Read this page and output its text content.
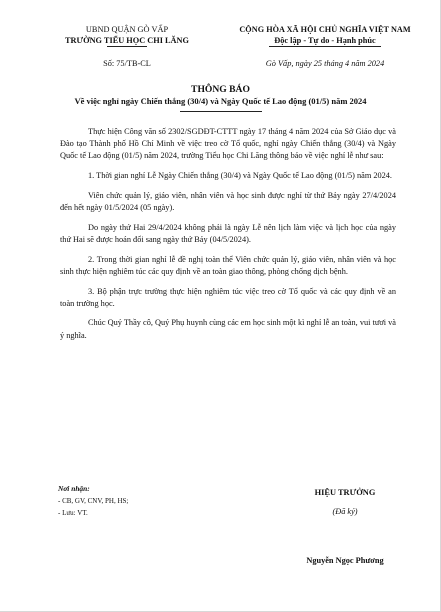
UBND QUẬN GÒ VẤP
TRƯỜNG TIỂU HỌC CHI LĂNG
Số: 75/TB-CL
CỘNG HÒA XÃ HỘI CHỦ NGHĨA VIỆT NAM
Độc lập - Tự do - Hạnh phúc
Gò Vấp, ngày 25 tháng 4 năm 2024
THÔNG BÁO
Về việc nghỉ ngày Chiến thắng (30/4) và Ngày Quốc tế Lao động (01/5) năm 2024

Thực hiện Công văn số 2302/SGDĐT-CTTT ngày 17 tháng 4 năm 2024 của Sở Giáo dục và Đào tạo Thành phố Hồ Chí Minh về việc treo cờ Tổ quốc, nghỉ ngày Chiến thắng (30/4) và Ngày Quốc tế Lao động (01/5) năm 2024, trường Tiểu học Chi Lăng thông báo về việc nghỉ lễ như sau:

1. Thời gian nghỉ Lễ Ngày Chiến thắng (30/4) và Ngày Quốc tế Lao động (01/5) năm 2024.

Viên chức quản lý, giáo viên, nhân viên và học sinh được nghỉ từ thứ Bảy ngày 27/4/2024 đến hết ngày 01/5/2024 (05 ngày).

Do ngày thứ Hai 29/4/2024 không phải là ngày Lễ nên lịch làm việc và lịch học của ngày thứ Hai sẽ được hoán đổi sang ngày thứ Bảy (04/5/2024).

2. Trong thời gian nghỉ lễ đề nghị toàn thể Viên chức quản lý, giáo viên, nhân viên và học sinh thực hiện nghiêm túc các quy định về an toàn giao thông, phòng chống dịch bệnh.

3. Bộ phận trực trường thực hiện nghiêm túc việc treo cờ Tổ quốc và các quy định về an toàn trường học.

Chúc Quý Thầy cô, Quý Phụ huynh cùng các em học sinh một kì nghỉ lễ an toàn, vui tươi và ý nghĩa.

Nơi nhận:
- CB, GV, CNV, PH, HS;
- Lưu: VT.
HIỆU TRƯỞNG
(Đã ký)
Nguyễn Ngọc Phương
